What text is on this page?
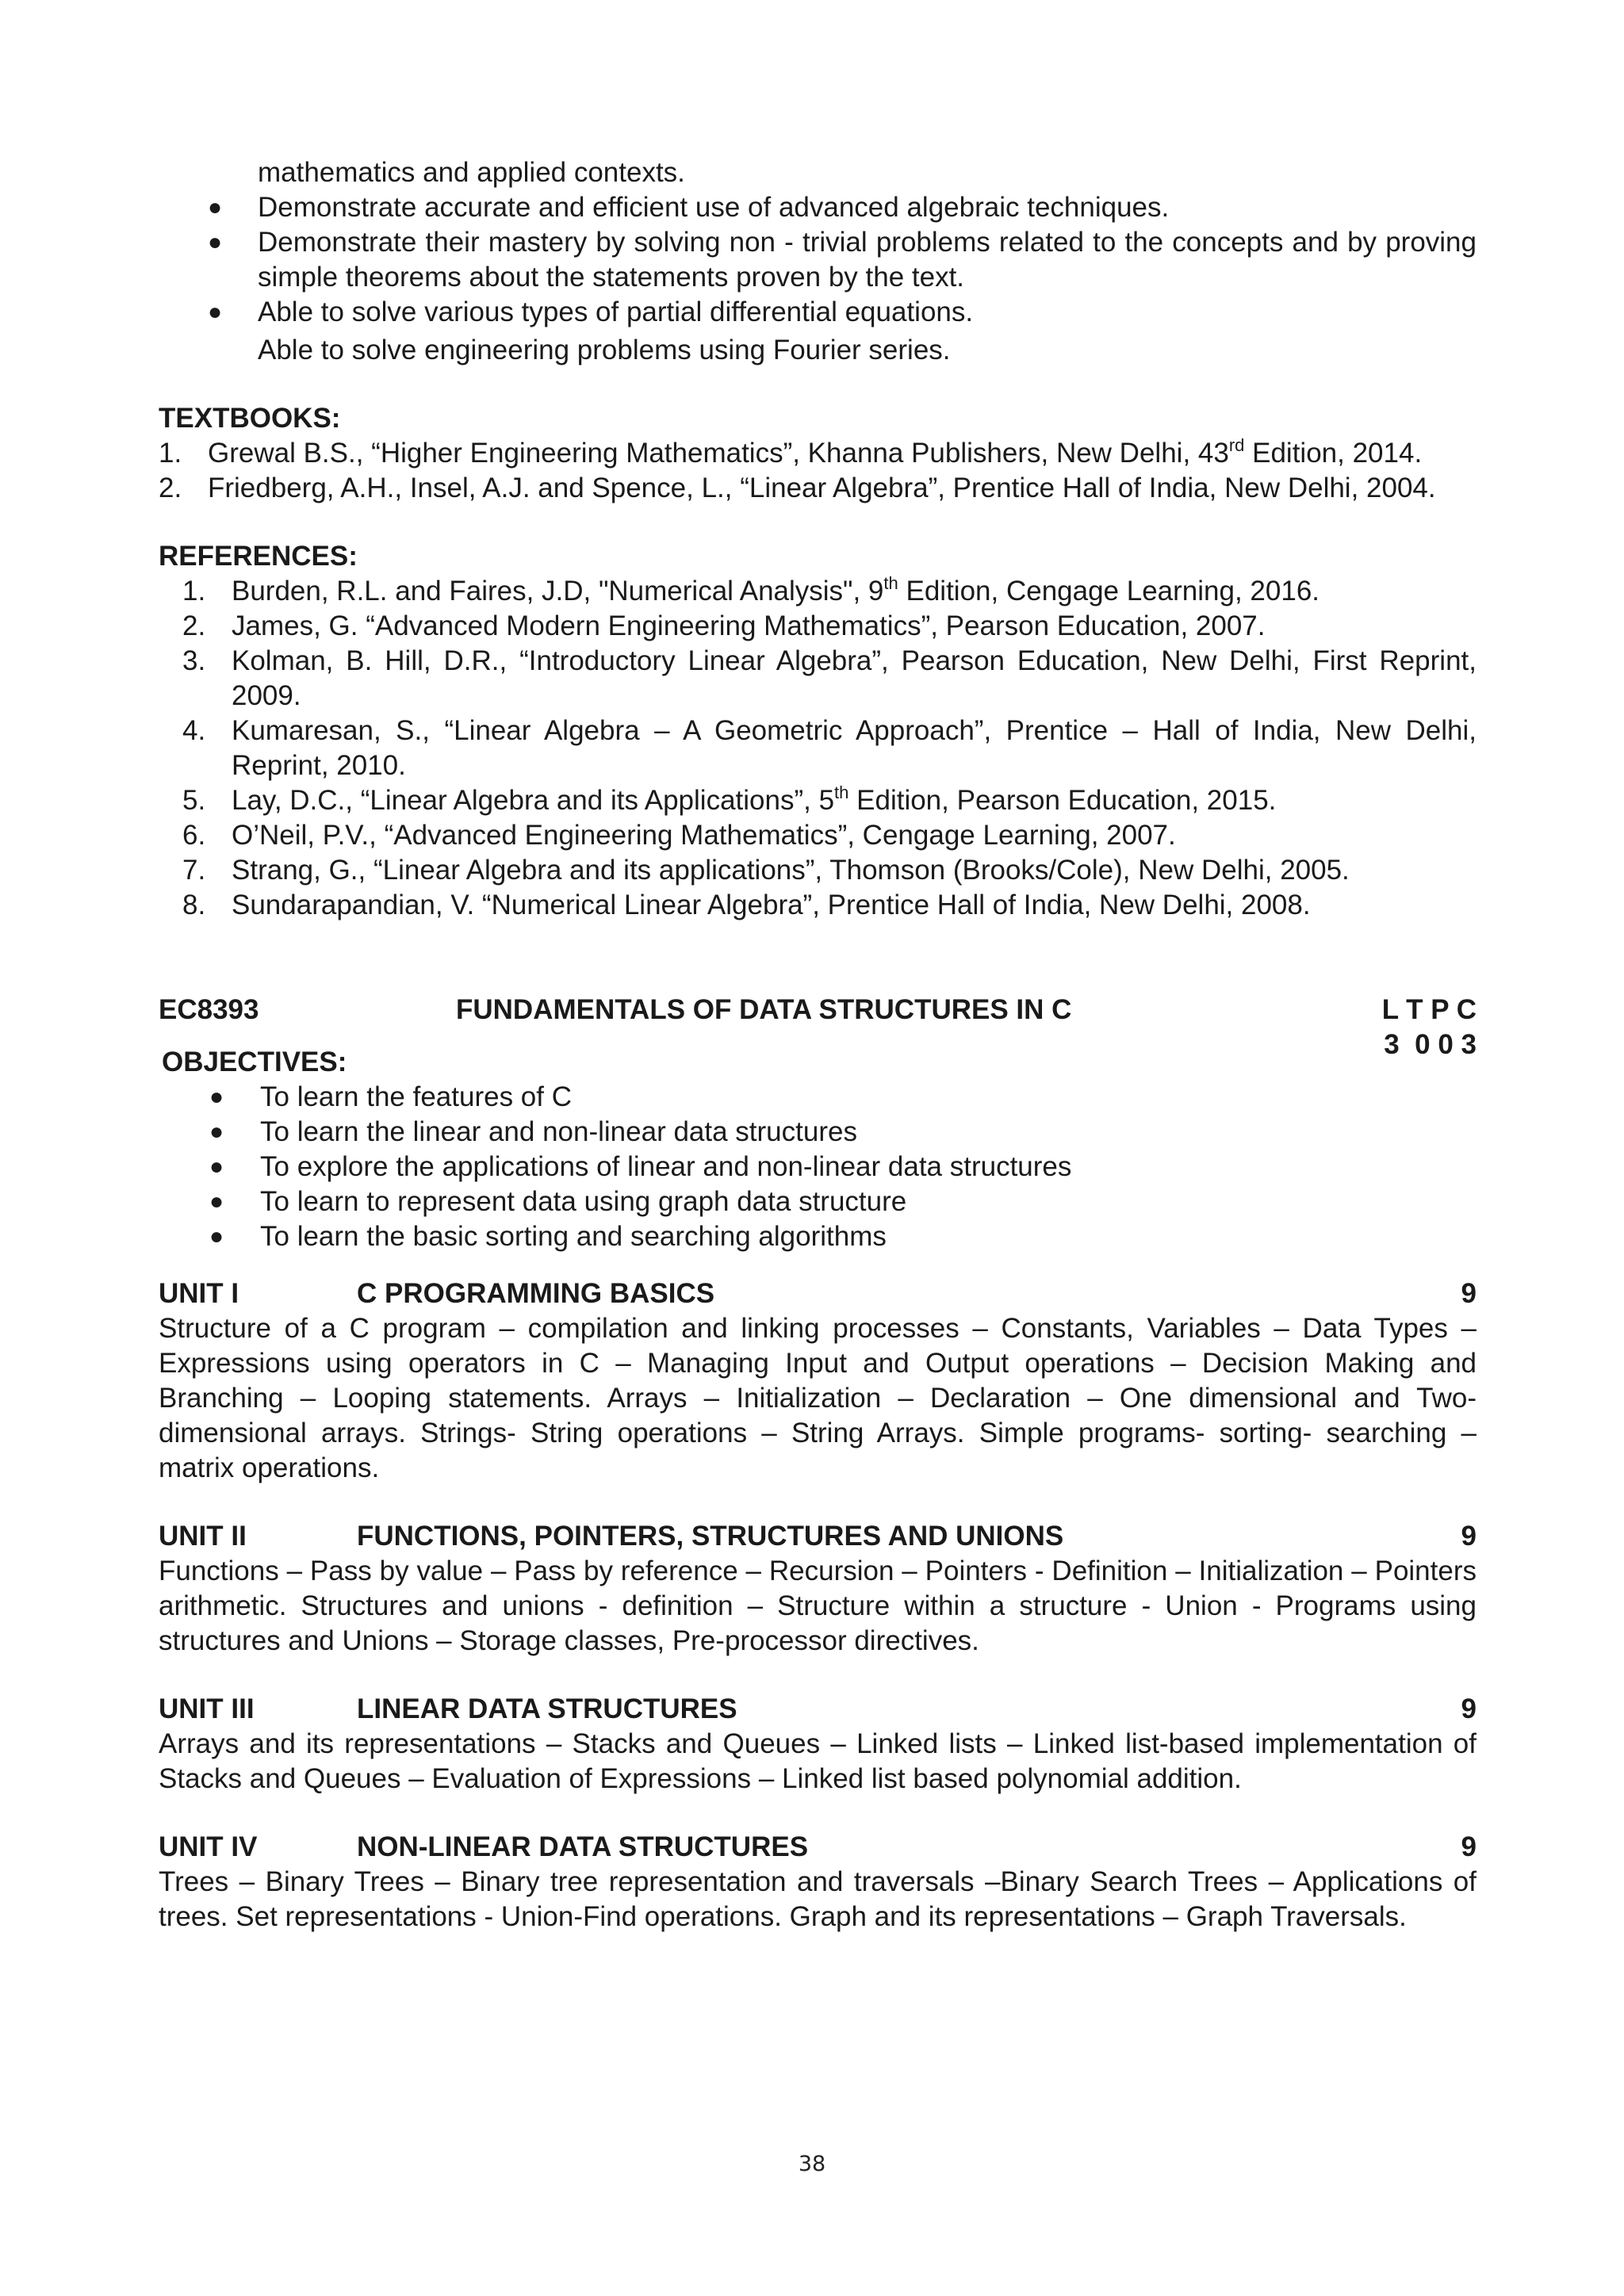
mathematics and applied contexts.
● Demonstrate accurate and efficient use of advanced algebraic techniques.
● Demonstrate their mastery by solving non - trivial problems related to the concepts and by proving simple theorems about the statements proven by the text.
● Able to solve various types of partial differential equations.
Able to solve engineering problems using Fourier series.
TEXTBOOKS:
1. Grewal B.S., “Higher Engineering Mathematics”, Khanna Publishers, New Delhi, 43rd Edition, 2014.
2. Friedberg, A.H., Insel, A.J. and Spence, L., “Linear Algebra”, Prentice Hall of India, New Delhi, 2004.
REFERENCES:
1. Burden, R.L. and Faires, J.D, "Numerical Analysis", 9th Edition, Cengage Learning, 2016.
2. James, G. “Advanced Modern Engineering Mathematics”, Pearson Education, 2007.
3. Kolman, B. Hill, D.R., “Introductory Linear Algebra”, Pearson Education, New Delhi, First Reprint, 2009.
4. Kumaresan, S., “Linear Algebra – A Geometric Approach”, Prentice – Hall of India, New Delhi, Reprint, 2010.
5. Lay, D.C., “Linear Algebra and its Applications”, 5th Edition, Pearson Education, 2015.
6. O’Neil, P.V., “Advanced Engineering Mathematics”, Cengage Learning, 2007.
7. Strang, G., “Linear Algebra and its applications”, Thomson (Brooks/Cole), New Delhi, 2005.
8. Sundarapandian, V. “Numerical Linear Algebra”, Prentice Hall of India, New Delhi, 2008.
EC8393	FUNDAMENTALS OF DATA STRUCTURES IN C	L T P C
3  0 0 3
OBJECTIVES:
● To learn the features of C
● To learn the linear and non-linear data structures
● To explore the applications of linear and non-linear data structures
● To learn to represent data using graph data structure
● To learn the basic sorting and searching algorithms
UNIT I	C PROGRAMMING BASICS	9
Structure of a C program – compilation and linking processes – Constants, Variables – Data Types – Expressions using operators in C – Managing Input and Output operations – Decision Making and Branching – Looping statements. Arrays – Initialization – Declaration – One dimensional and Two-dimensional arrays. Strings- String operations – String Arrays. Simple programs- sorting- searching – matrix operations.
UNIT II	FUNCTIONS, POINTERS, STRUCTURES AND UNIONS	9
Functions – Pass by value – Pass by reference – Recursion – Pointers - Definition – Initialization – Pointers arithmetic. Structures and unions - definition – Structure within a structure - Union - Programs using structures and Unions – Storage classes, Pre-processor directives.
UNIT III	LINEAR DATA STRUCTURES	9
Arrays and its representations – Stacks and Queues – Linked lists – Linked list-based implementation of Stacks and Queues – Evaluation of Expressions – Linked list based polynomial addition.
UNIT IV	NON-LINEAR DATA STRUCTURES	9
Trees – Binary Trees – Binary tree representation and traversals –Binary Search Trees – Applications of trees. Set representations - Union-Find operations. Graph and its representations – Graph Traversals.
38
